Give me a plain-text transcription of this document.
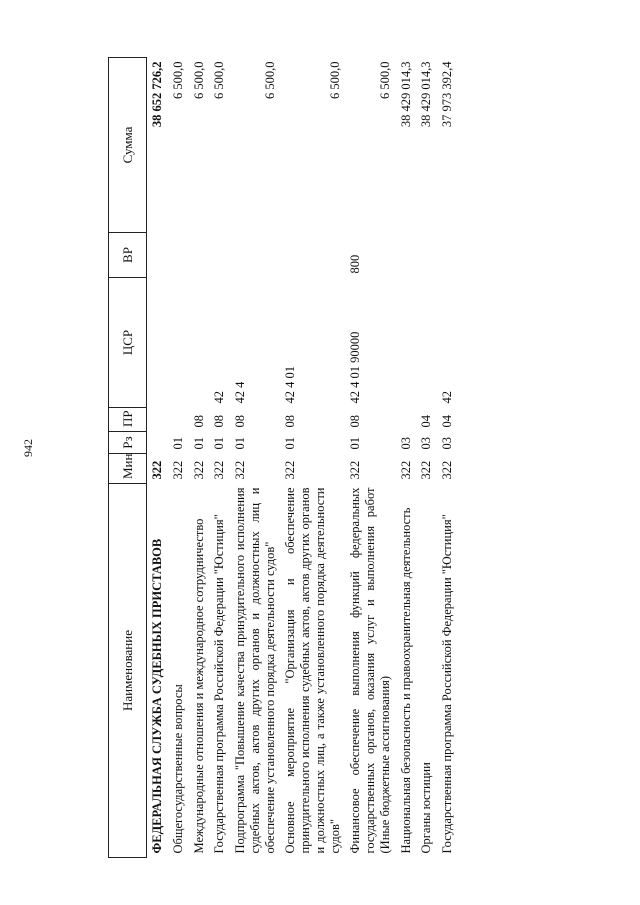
942
Наименование	Мин	Рз	ПР	ЦСР	ВР	Сумма
ФЕДЕРАЛЬНАЯ СЛУЖБА СУДЕБНЫХ ПРИСТАВОВ	322					38 652 726,2
Общегосударственные вопросы	322	01				6 500,0
Международные отношения и международное сотрудничество	322	01	08			6 500,0
Государственная программа Российской Федерации "Юстиция"	322	01	08	42		6 500,0
Подпрограмма "Повышение качества принудительного исполнения судебных актов, актов других органов и должностных лиц и обеспечение установленного порядка деятельности судов"	322	01	08	42 4		6 500,0
Основное мероприятие "Организация и обеспечение принудительного исполнения судебных актов, актов других органов и должностных лиц, а также установленного порядка деятельности судов"	322	01	08	42 4 01		6 500,0
Финансовое обеспечение выполнения функций федеральных государственных органов, оказания услуг и выполнения работ (Иные бюджетные ассигнования)	322	01	08	42 4 01 90000	800	6 500,0
Национальная безопасность и правоохранительная деятельность	322	03				38 429 014,3
Органы юстиции	322	03	04			38 429 014,3
Государственная программа Российской Федерации "Юстиция"	322	03	04	42		37 973 392,4
